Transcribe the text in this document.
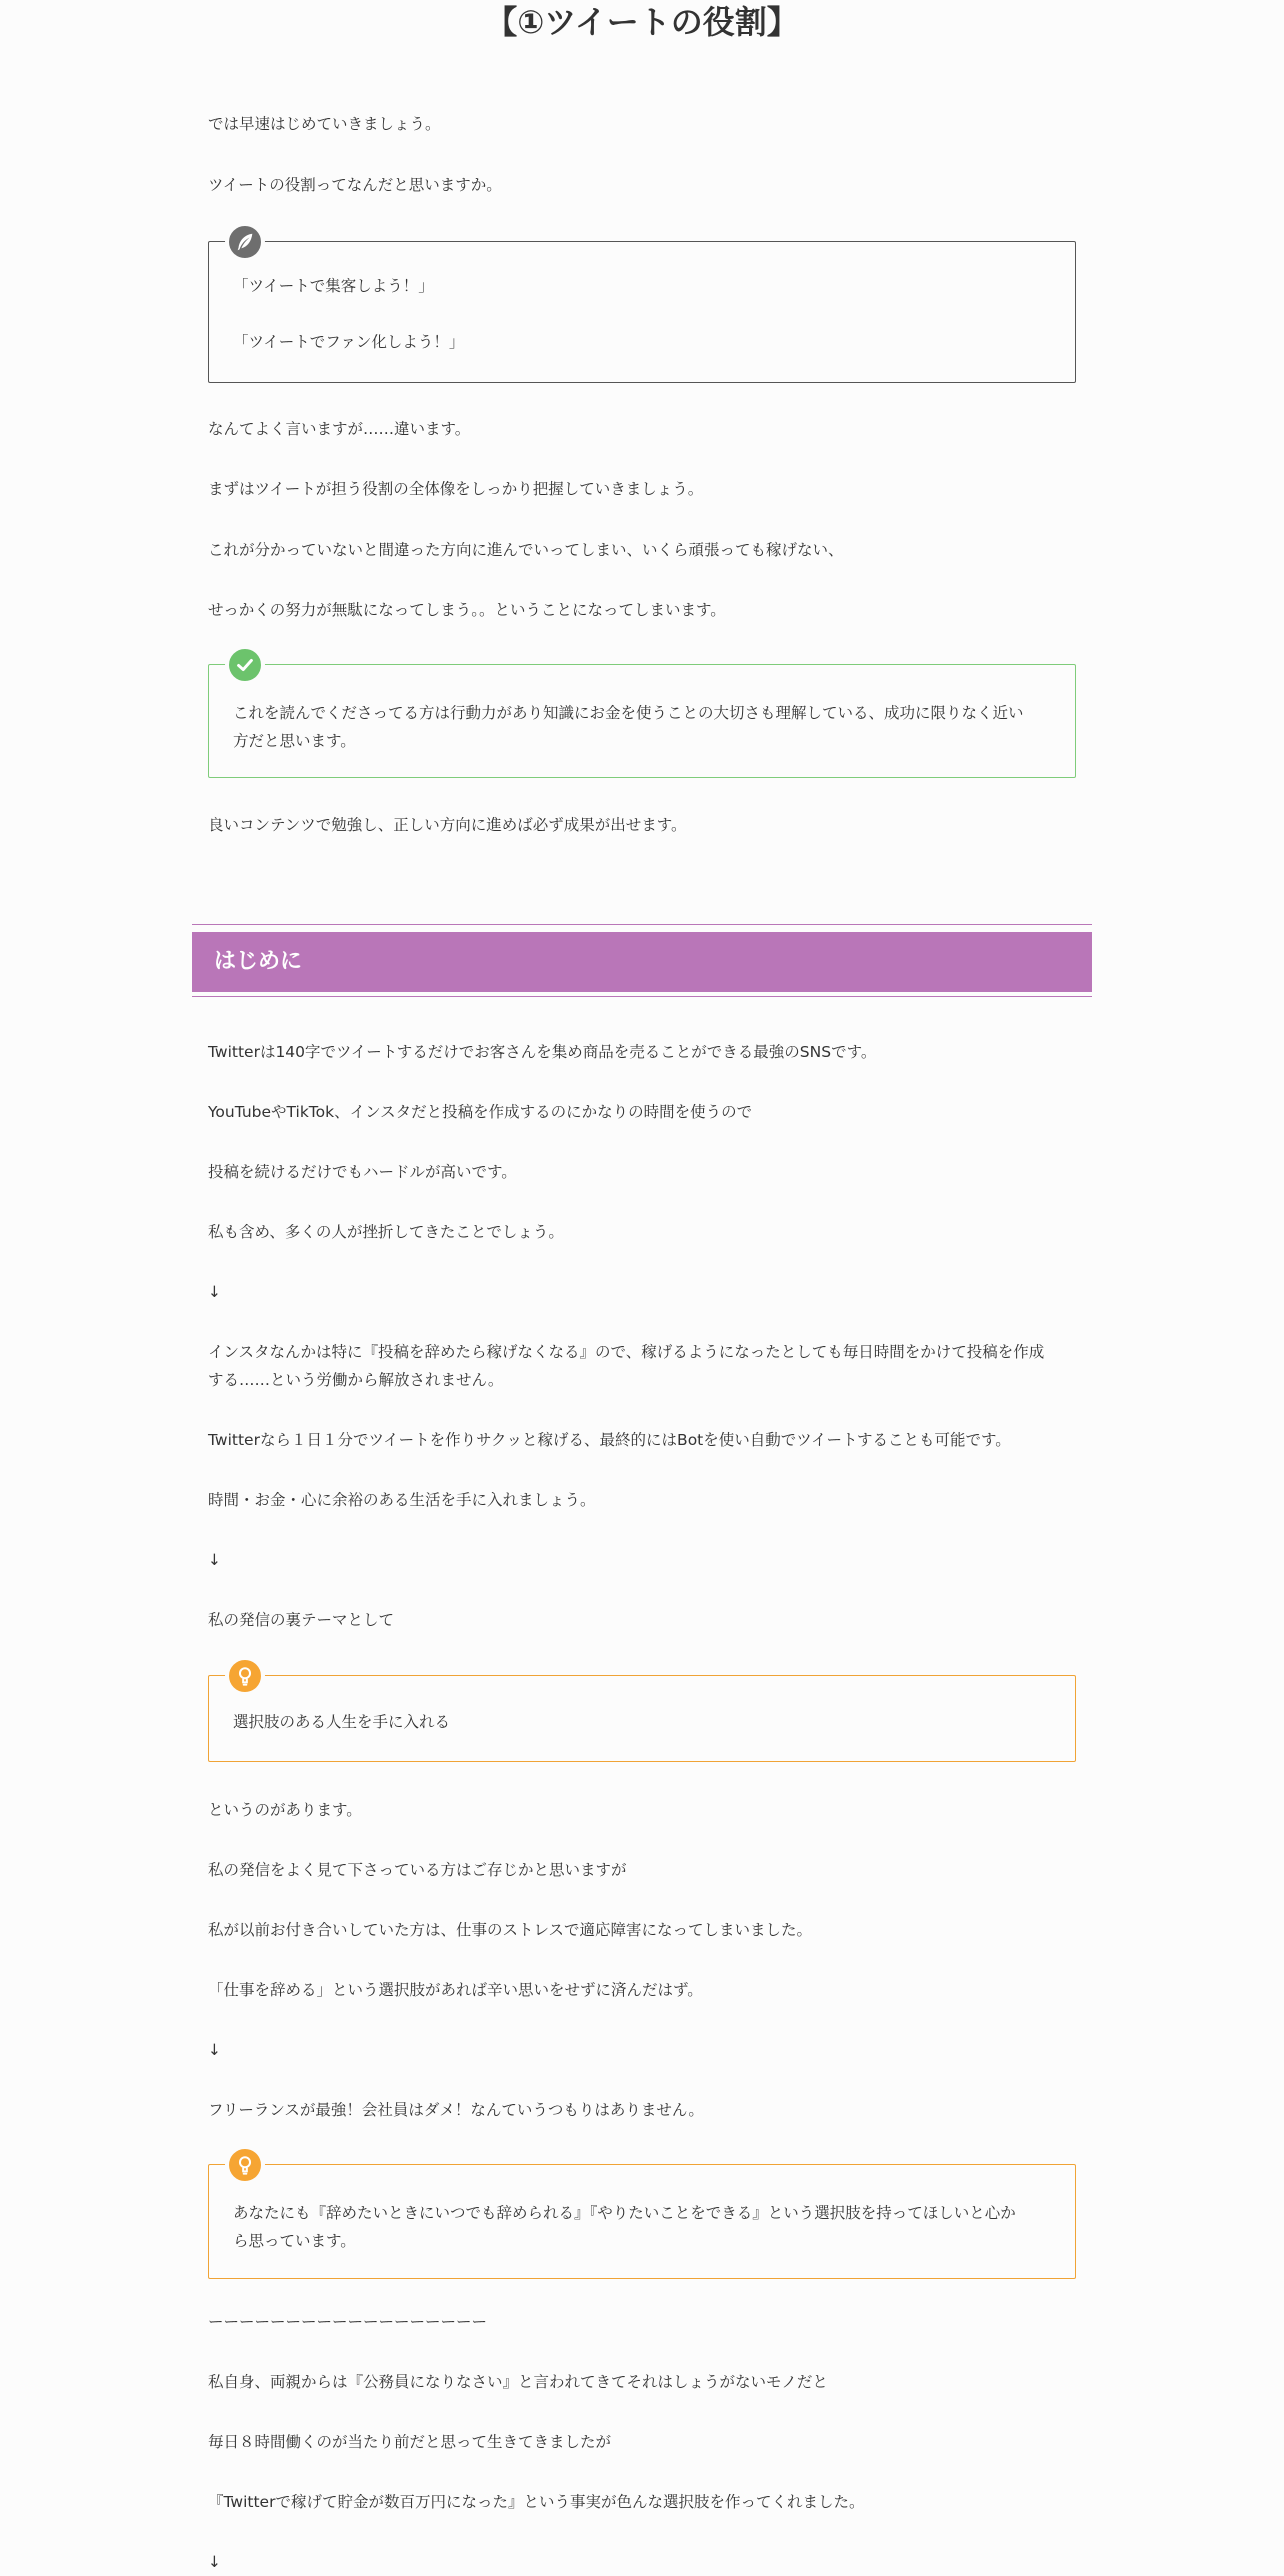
【①ツイートの役割】

では早速はじめていきましょう。

ツイートの役割ってなんだと思いますか。

「ツイートで集客しよう！」
「ツイートでファン化しよう！」

なんてよく言いますが……違います。

まずはツイートが担う役割の全体像をしっかり把握していきましょう。

これが分かっていないと間違った方向に進んでいってしまい、いくら頑張っても稼げない、

せっかくの努力が無駄になってしまう。。ということになってしまいます。

これを読んでくださってる方は行動力があり知識にお金を使うことの大切さも理解している、成功に限りなく近い
方だと思います。

良いコンテンツで勉強し、正しい方向に進めば必ず成果が出せます。

はじめに

Twitterは140字でツイートするだけでお客さんを集め商品を売ることができる最強のSNSです。

YouTubeやTikTok、インスタだと投稿を作成するのにかなりの時間を使うので

投稿を続けるだけでもハードルが高いです。

私も含め、多くの人が挫折してきたことでしょう。

↓

インスタなんかは特に『投稿を辞めたら稼げなくなる』ので、稼げるようになったとしても毎日時間をかけて投稿を作成

する……という労働から解放されません。

Twitterなら１日１分でツイートを作りサクッと稼げる、最終的にはBotを使い自動でツイートすることも可能です。

時間・お金・心に余裕のある生活を手に入れましょう。

↓

私の発信の裏テーマとして

選択肢のある人生を手に入れる

というのがあります。

私の発信をよく見て下さっている方はご存じかと思いますが

私が以前お付き合いしていた方は、仕事のストレスで適応障害になってしまいました。

「仕事を辞める」という選択肢があれば辛い思いをせずに済んだはず。

↓

フリーランスが最強！会社員はダメ！なんていうつもりはありません。

あなたにも『辞めたいときにいつでも辞められる』『やりたいことをできる』という選択肢を持ってほしいと心か
ら思っています。

ーーーーーーーーーーーーーーーーーー

私自身、両親からは『公務員になりなさい』と言われてきてそれはしょうがないモノだと

毎日８時間働くのが当たり前だと思って生きてきましたが

『Twitterで稼げて貯金が数百万円になった』という事実が色んな選択肢を作ってくれました。

↓
